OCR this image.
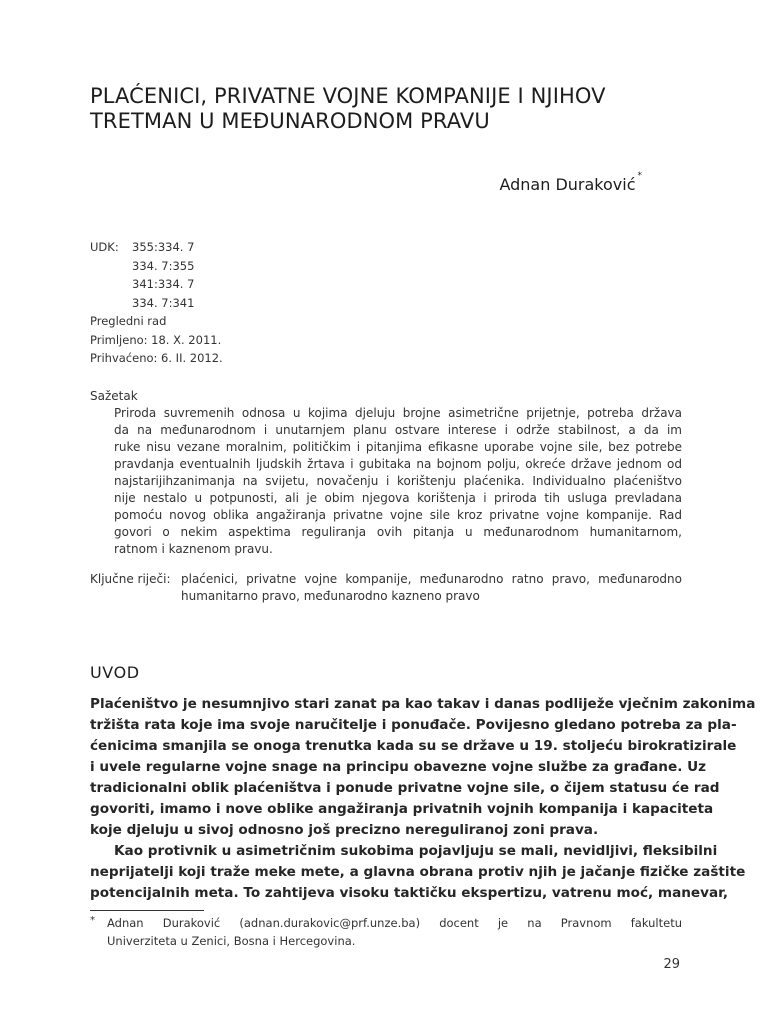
PLAĆENICI, PRIVATNE VOJNE KOMPANIJE I NJIHOV
TRETMAN U MEĐUNARODNOM PRAVU
Adnan Duraković *
UDK: 355:334. 7
334. 7:355
341:334. 7
334. 7:341
Pregledni rad
Primljeno: 18. X. 2011.
Prihvaćeno: 6. II. 2012.
Sažetak
Priroda suvremenih odnosa u kojima djeluju brojne asimetrične prijetnje, potreba država
da na međunarodnom i unutarnjem planu ostvare interese i održe stabilnost, a da im
ruke nisu vezane moralnim, političkim i pitanjima efikasne uporabe vojne sile, bez potrebe
pravdanja eventualnih ljudskih žrtava i gubitaka na bojnom polju, okreće države jednom od
najstarijihzanimanja na svijetu, novačenju i korištenju plaćenika. Individualno plaćeništvo
nije nestalo u potpunosti, ali je obim njegova korištenja i priroda tih usluga prevladana
pomoću novog oblika angažiranja privatne vojne sile kroz privatne vojne kompanije. Rad
govori o nekim aspektima reguliranja ovih pitanja u međunarodnom humanitarnom,
ratnom i kaznenom pravu.
Ključne riječi: plaćenici, privatne vojne kompanije, međunarodno ratno pravo, međunarodno
humanitarno pravo, međunarodno kazneno pravo
UVOD
Plaćeništvo je nesumnjivo stari zanat pa kao takav i danas podliježe vječnim zakonima
tržišta rata koje ima svoje naručitelje i ponuđače. Povijesno gledano potreba za pla-
ćenicima smanjila se onoga trenutka kada su se države u 19. stoljeću birokratizirale
i uvele regularne vojne snage na principu obavezne vojne službe za građane. Uz
tradicionalni oblik plaćeništva i ponude privatne vojne sile, o čijem statusu će rad
govoriti, imamo i nove oblike angažiranja privatnih vojnih kompanija i kapaciteta
koje djeluju u sivoj odnosno još precizno nereguliranoj zoni prava.
Kao protivnik u asimetričnim sukobima pojavljuju se mali, nevidljivi, fleksibilni
neprijatelji koji traže meke mete, a glavna obrana protiv njih je jačanje fizičke zaštite
potencijalnih meta. To zahtijeva visoku taktičku ekspertizu, vatrenu moć, manevar,
* Adnan Duraković (adnan.durakovic@prf.unze.ba) docent je na Pravnom fakultetu
Univerziteta u Zenici, Bosna i Hercegovina.
29
